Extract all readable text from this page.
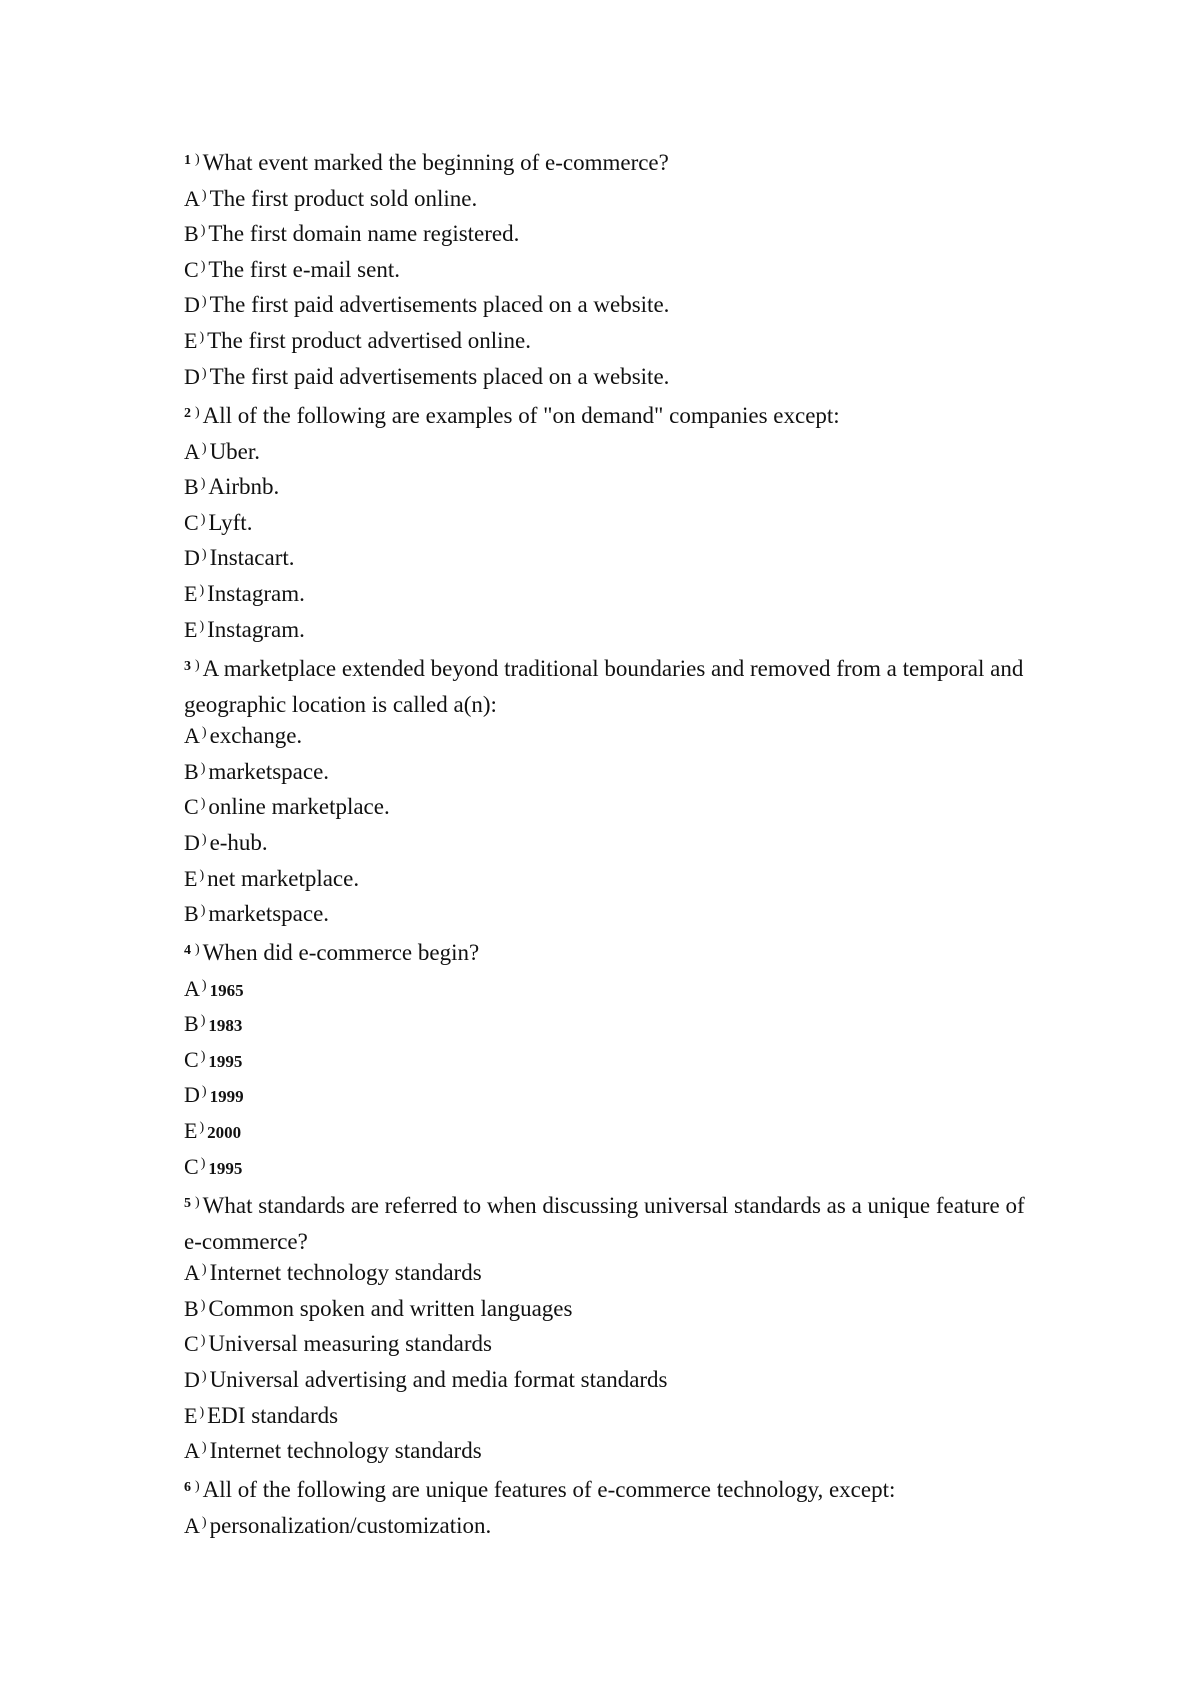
$^1$ ) What event marked the beginning of e-commerce?
A ) The first product sold online.
B ) The first domain name registered.
C ) The first e-mail sent.
D ) The first paid advertisements placed on a website.
E ) The first product advertised online.
D ) The first paid advertisements placed on a website.
$^2$ ) All of the following are examples of "on demand" companies except:
A ) Uber.
B ) Airbnb.
C ) Lyft.
D ) Instacart.
E ) Instagram.
E ) Instagram.
$^3$ ) A marketplace extended beyond traditional boundaries and removed from a temporal and geographic location is called a(n):
A ) exchange.
B ) marketspace.
C ) online marketplace.
D ) e-hub.
E ) net marketplace.
B ) marketspace.
$^4$ ) When did e-commerce begin?
A ) 1965
B ) 1983
C ) 1995
D ) 1999
E ) 2000
C ) 1995
$^5$ ) What standards are referred to when discussing universal standards as a unique feature of e-commerce?
A ) Internet technology standards
B ) Common spoken and written languages
C ) Universal measuring standards
D ) Universal advertising and media format standards
E ) EDI standards
A ) Internet technology standards
$^6$ ) All of the following are unique features of e-commerce technology, except:
A ) personalization/customization.
